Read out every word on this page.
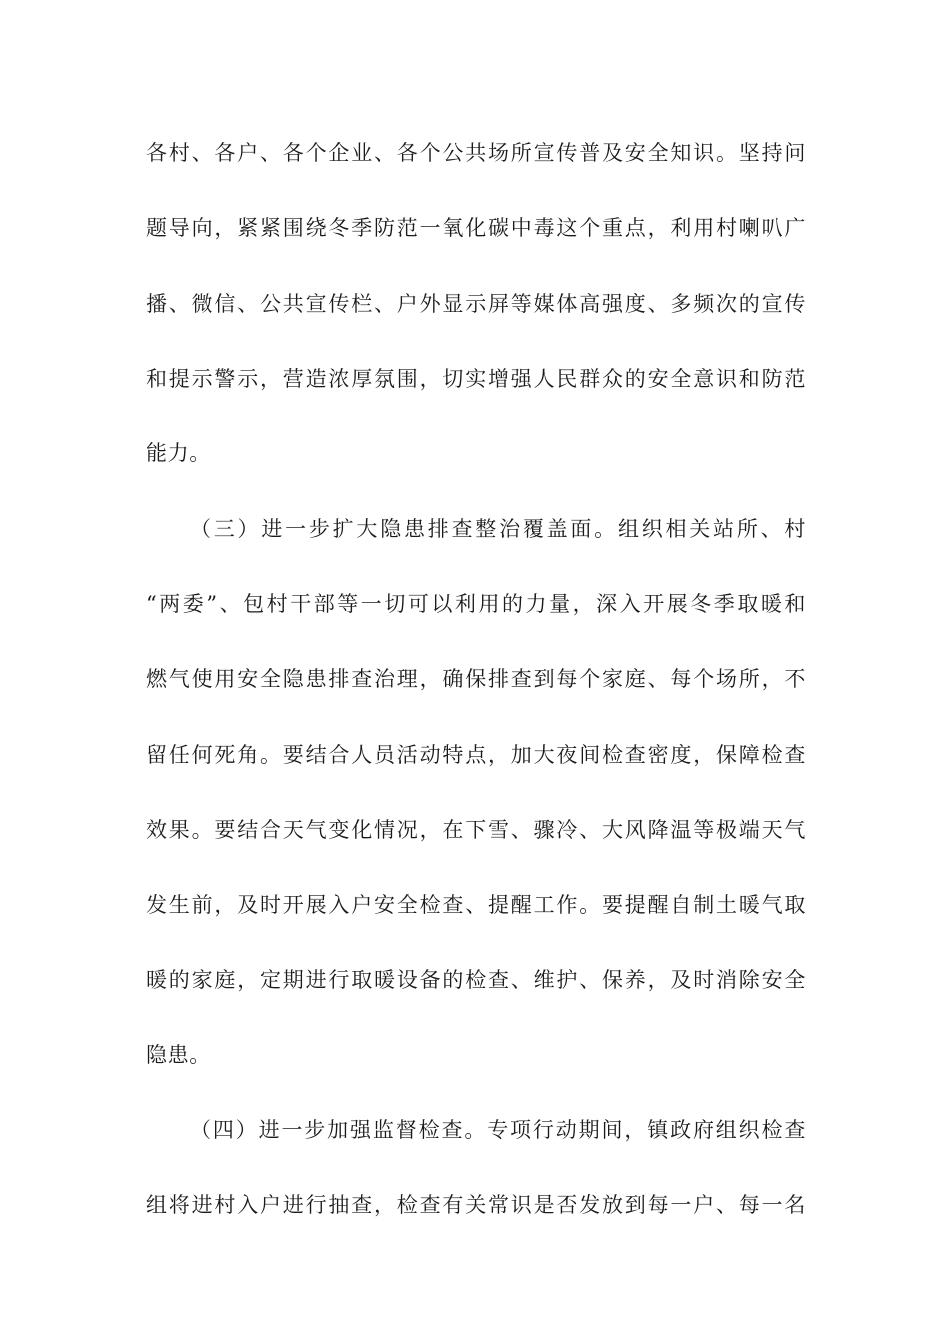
各村、各户、各个企业、各个公共场所宣传普及安全知识。坚持问
题导向，紧紧围绕冬季防范一氧化碳中毒这个重点，利用村喇叭广
播、微信、公共宣传栏、户外显示屏等媒体高强度、多频次的宣传
和提示警示，营造浓厚氛围，切实增强人民群众的安全意识和防范
能力。
（三）进一步扩大隐患排查整治覆盖面。组织相关站所、村
“两委”、包村干部等一切可以利用的力量，深入开展冬季取暖和
燃气使用安全隐患排查治理，确保排查到每个家庭、每个场所，不
留任何死角。要结合人员活动特点，加大夜间检查密度，保障检查
效果。要结合天气变化情况，在下雪、骤冷、大风降温等极端天气
发生前，及时开展入户安全检查、提醒工作。要提醒自制土暖气取
暖的家庭，定期进行取暖设备的检查、维护、保养，及时消除安全
隐患。
（四）进一步加强监督检查。专项行动期间，镇政府组织检查
组将进村入户进行抽查，检查有关常识是否发放到每一户、每一名
